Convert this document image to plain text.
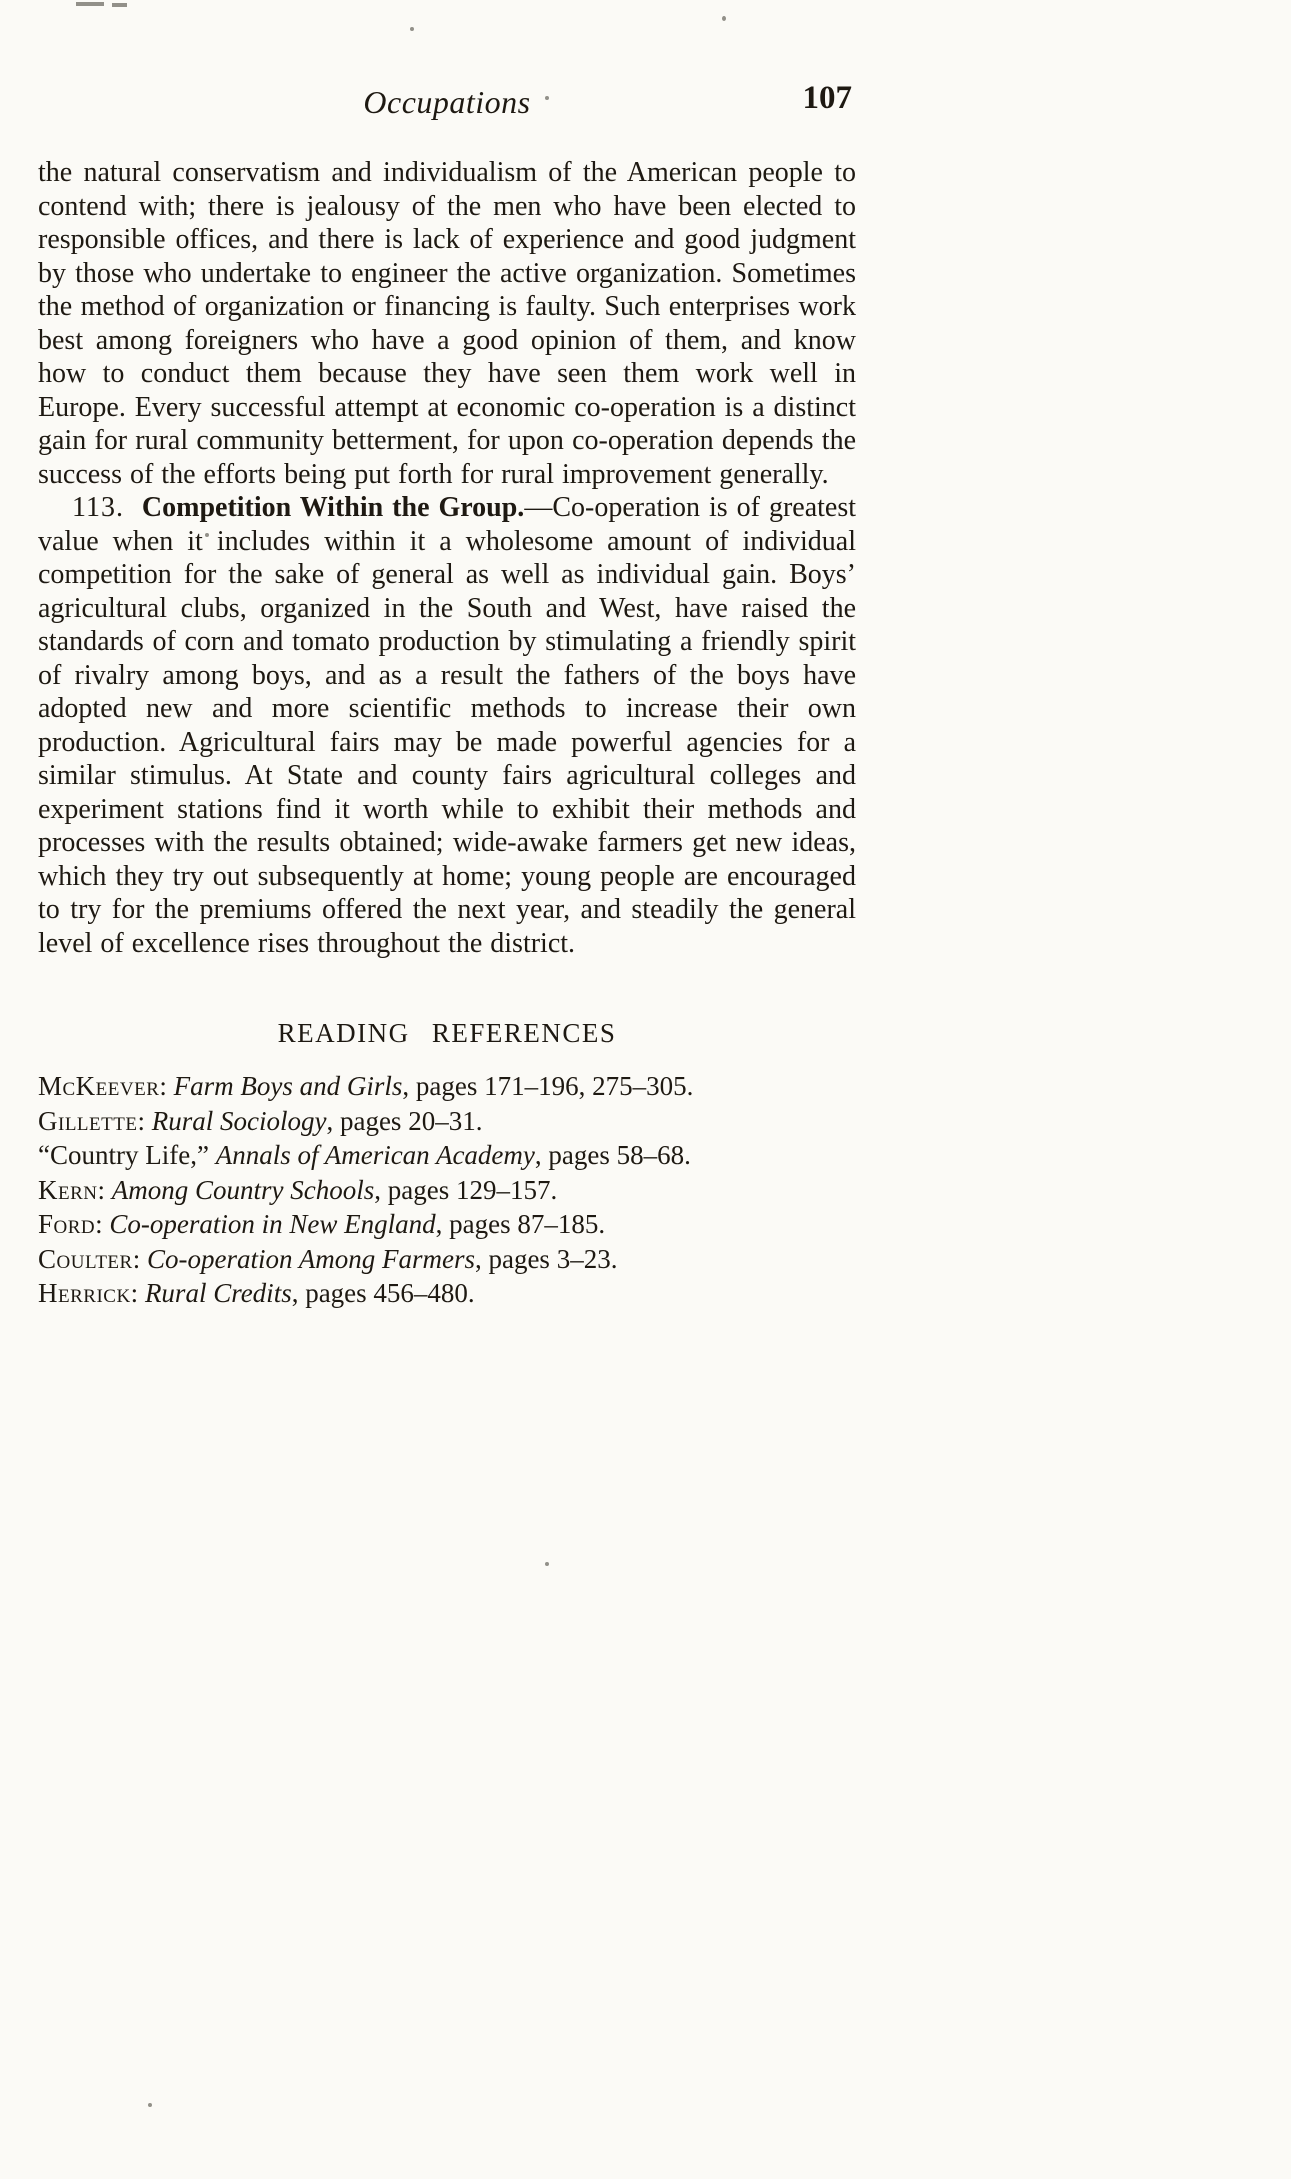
Occupations	107

the natural conservatism and individualism of the American people to contend with; there is jealousy of the men who have been elected to responsible offices, and there is lack of experience and good judgment by those who undertake to engineer the active organization. Sometimes the method of organization or financing is faulty. Such enterprises work best among foreigners who have a good opinion of them, and know how to conduct them because they have seen them work well in Europe. Every successful attempt at economic co-operation is a distinct gain for rural community betterment, for upon co-operation depends the success of the efforts being put forth for rural improvement generally.

113. Competition Within the Group.—Co-operation is of greatest value when it includes within it a wholesome amount of individual competition for the sake of general as well as individual gain. Boys’ agricultural clubs, organized in the South and West, have raised the standards of corn and tomato production by stimulating a friendly spirit of rivalry among boys, and as a result the fathers of the boys have adopted new and more scientific methods to increase their own production. Agricultural fairs may be made powerful agencies for a similar stimulus. At State and county fairs agricultural colleges and experiment stations find it worth while to exhibit their methods and processes with the results obtained; wide-awake farmers get new ideas, which they try out subsequently at home; young people are encouraged to try for the premiums offered the next year, and steadily the general level of excellence rises throughout the district.

READING REFERENCES
McKeever: Farm Boys and Girls, pages 171–196, 275–305.
Gillette: Rural Sociology, pages 20–31.
“Country Life,” Annals of American Academy, pages 58–68.
Kern: Among Country Schools, pages 129–157.
Ford: Co-operation in New England, pages 87–185.
Coulter: Co-operation Among Farmers, pages 3–23.
Herrick: Rural Credits, pages 456–480.
